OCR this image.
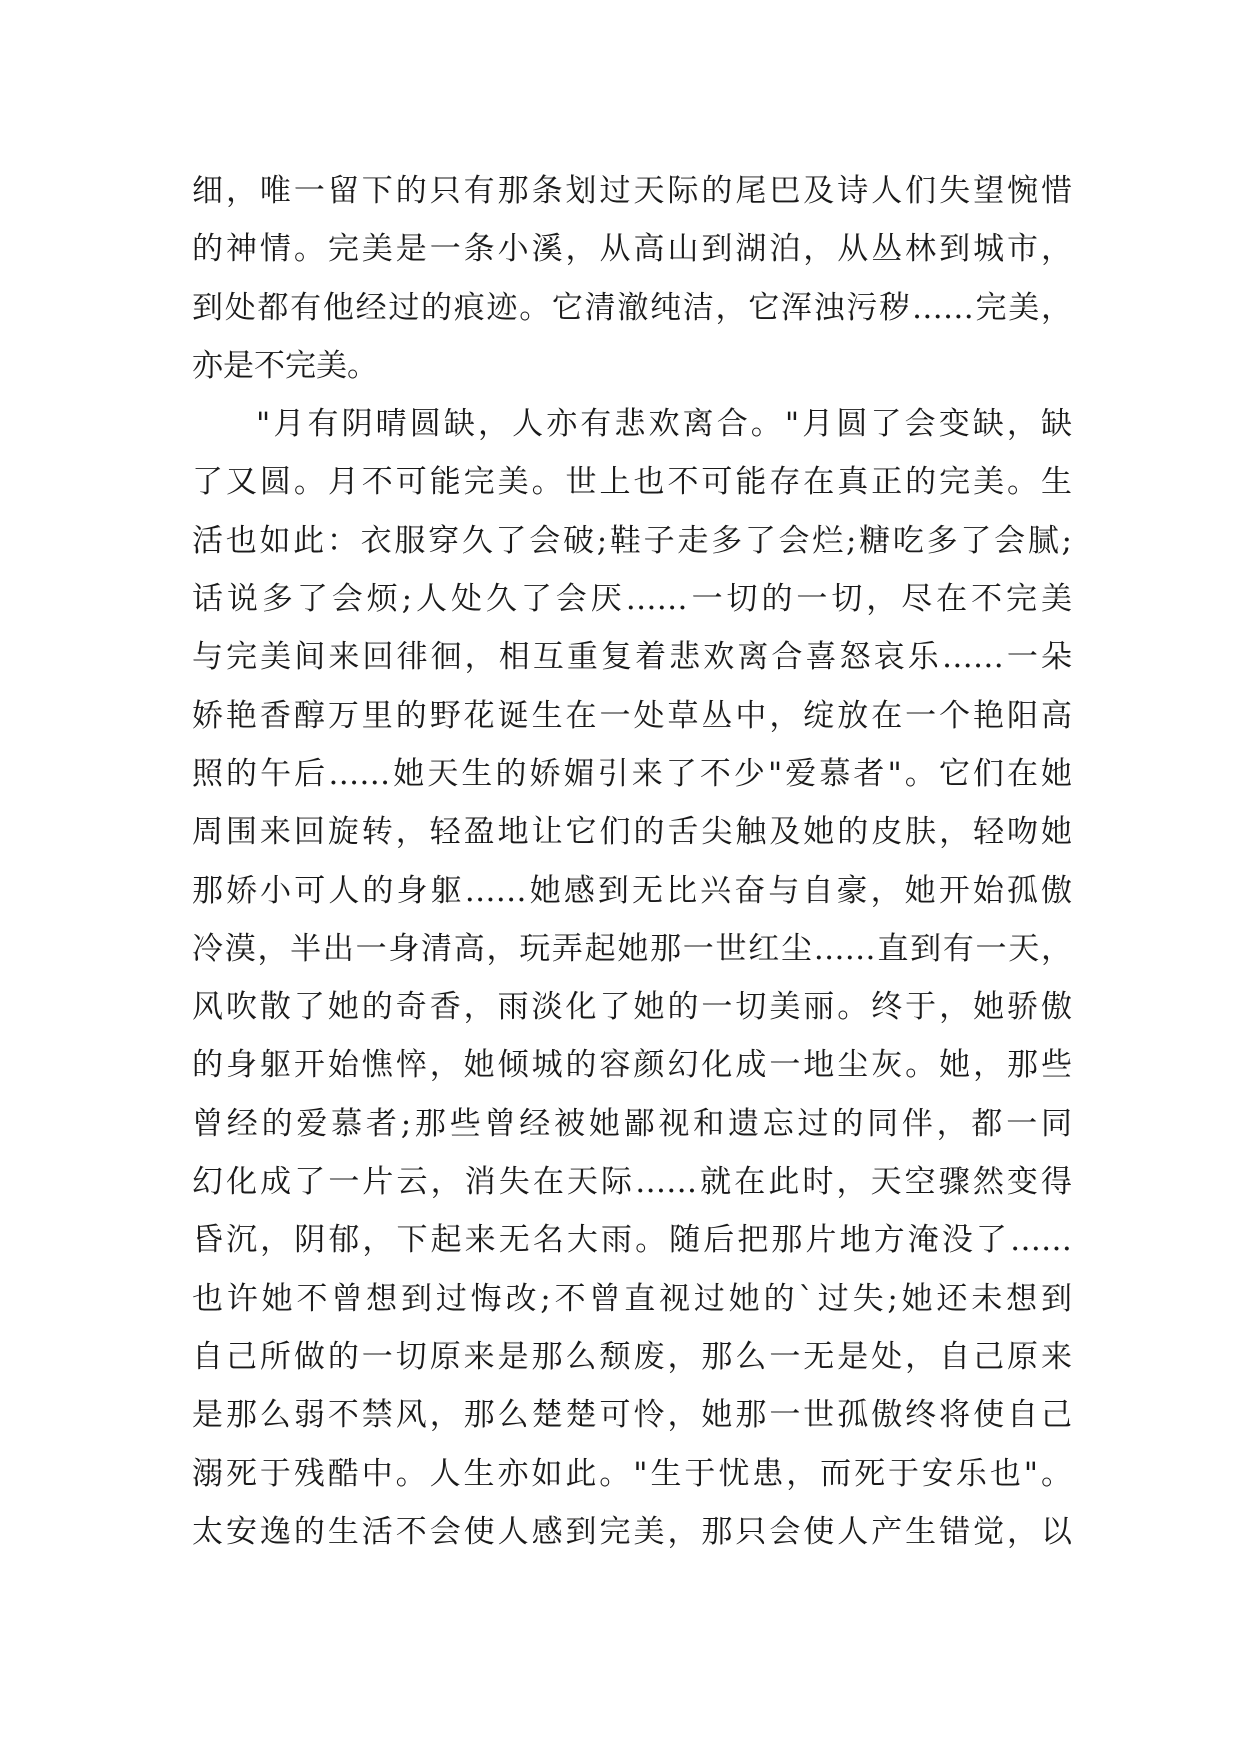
细，唯一留下的只有那条划过天际的尾巴及诗人们失望惋惜
的神情。完美是一条小溪，从高山到湖泊，从丛林到城市，
到处都有他经过的痕迹。它清澈纯洁，它浑浊污秽……完美，
亦是不完美。
"月有阴晴圆缺，人亦有悲欢离合。"月圆了会变缺，缺
了又圆。月不可能完美。世上也不可能存在真正的完美。生
活也如此：衣服穿久了会破;鞋子走多了会烂;糖吃多了会腻;
话说多了会烦;人处久了会厌……一切的一切，尽在不完美
与完美间来回徘徊，相互重复着悲欢离合喜怒哀乐……一朵
娇艳香醇万里的野花诞生在一处草丛中，绽放在一个艳阳高
照的午后……她天生的娇媚引来了不少"爱慕者"。它们在她
周围来回旋转，轻盈地让它们的舌尖触及她的皮肤，轻吻她
那娇小可人的身躯……她感到无比兴奋与自豪，她开始孤傲
冷漠，半出一身清高，玩弄起她那一世红尘……直到有一天，
风吹散了她的奇香，雨淡化了她的一切美丽。终于，她骄傲
的身躯开始憔悴，她倾城的容颜幻化成一地尘灰。她，那些
曾经的爱慕者;那些曾经被她鄙视和遗忘过的同伴，都一同
幻化成了一片云，消失在天际……就在此时，天空骤然变得
昏沉，阴郁，下起来无名大雨。随后把那片地方淹没了……
也许她不曾想到过悔改;不曾直视过她的`过失;她还未想到
自己所做的一切原来是那么颓废，那么一无是处，自己原来
是那么弱不禁风，那么楚楚可怜，她那一世孤傲终将使自己
溺死于残酷中。人生亦如此。"生于忧患，而死于安乐也"。
太安逸的生活不会使人感到完美，那只会使人产生错觉，以
